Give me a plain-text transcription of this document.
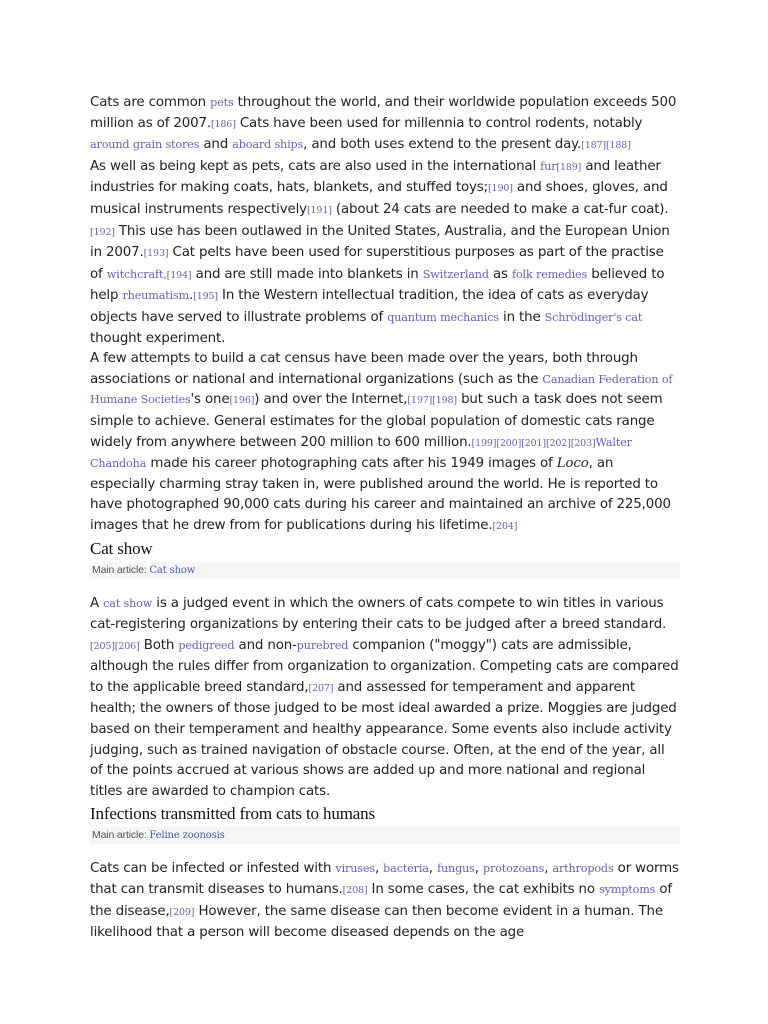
Cats are common pets throughout the world, and their worldwide population exceeds 500 million as of 2007.[186] Cats have been used for millennia to control rodents, notably around grain stores and aboard ships, and both uses extend to the present day.[187][188]

As well as being kept as pets, cats are also used in the international fur[189] and leather industries for making coats, hats, blankets, and stuffed toys;[190] and shoes, gloves, and musical instruments respectively[191] (about 24 cats are needed to make a cat-fur coat).[192] This use has been outlawed in the United States, Australia, and the European Union in 2007.[193] Cat pelts have been used for superstitious purposes as part of the practise of witchcraft,[194] and are still made into blankets in Switzerland as folk remedies believed to help rheumatism.[195] In the Western intellectual tradition, the idea of cats as everyday objects have served to illustrate problems of quantum mechanics in the Schrödinger's cat thought experiment.

A few attempts to build a cat census have been made over the years, both through associations or national and international organizations (such as the Canadian Federation of Humane Societies's one[196]) and over the Internet,[197][198] but such a task does not seem simple to achieve. General estimates for the global population of domestic cats range widely from anywhere between 200 million to 600 million.[199][200][201][202][203]Walter Chandoha made his career photographing cats after his 1949 images of Loco, an especially charming stray taken in, were published around the world. He is reported to have photographed 90,000 cats during his career and maintained an archive of 225,000 images that he drew from for publications during his lifetime.[204]

Cat show
Main article: Cat show

A cat show is a judged event in which the owners of cats compete to win titles in various cat-registering organizations by entering their cats to be judged after a breed standard.[205][206] Both pedigreed and non-purebred companion ("moggy") cats are admissible, although the rules differ from organization to organization. Competing cats are compared to the applicable breed standard,[207] and assessed for temperament and apparent health; the owners of those judged to be most ideal awarded a prize. Moggies are judged based on their temperament and healthy appearance. Some events also include activity judging, such as trained navigation of obstacle course. Often, at the end of the year, all of the points accrued at various shows are added up and more national and regional titles are awarded to champion cats.

Infections transmitted from cats to humans
Main article: Feline zoonosis

Cats can be infected or infested with viruses, bacteria, fungus, protozoans, arthropods or worms that can transmit diseases to humans.[208] In some cases, the cat exhibits no symptoms of the disease,[209] However, the same disease can then become evident in a human. The likelihood that a person will become diseased depends on the age
